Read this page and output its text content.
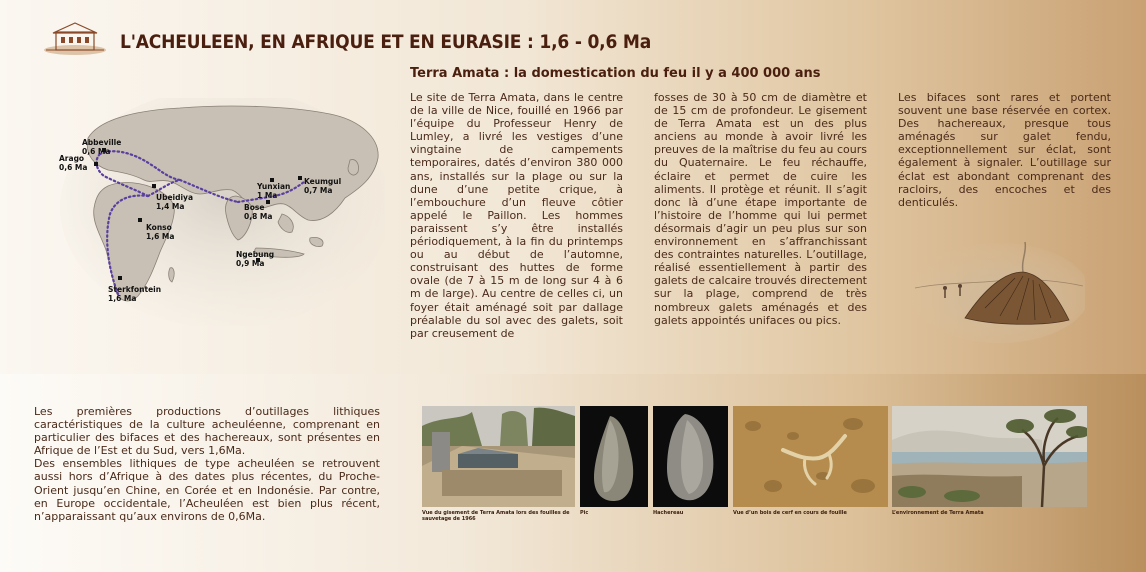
L'ACHEULEEN, EN AFRIQUE ET EN EURASIE : 1,6 - 0,6 Ma
Terra Amata : la domestication du feu il y a 400 000 ans
Le site de Terra Amata, dans le centre de la ville de Nice, fouillé en 1966 par l’équipe du Professeur Henry de Lumley, a livré les vestiges d’une vingtaine de campements temporaires, datés d’environ 380 000 ans, installés sur la plage ou sur la dune d’une petite crique, à l’embouchure d’un fleuve côtier appelé le Paillon. Les hommes paraissent s’y être installés périodiquement, à la fin du printemps ou au début de l’automne, construisant des huttes de forme ovale (de 7 à 15 m de long sur 4 à 6 m de large). Au centre de celles ci, un foyer était aménagé soit par dallage préalable du sol avec des galets, soit par creusement de
fosses de 30 à 50 cm de diamètre et de 15 cm de profondeur. Le gisement de Terra Amata est un des plus anciens au monde à avoir livré les preuves de la maîtrise du feu au cours du Quaternaire. Le feu réchauffe, éclaire et permet de cuire les aliments. Il protège et réunit. Il s’agit donc là d’une étape importante de l’histoire de l’homme qui lui permet désormais d’agir un peu plus sur son environnement en s’affranchissant des contraintes naturelles. L’outillage, réalisé essentiellement à partir des galets de calcaire trouvés directement sur la plage, comprend de très nombreux galets aménagés et des galets appointés unifaces ou pics.
Les bifaces sont rares et portent souvent une base réservée en cortex. Des hachereaux, presque tous aménagés sur galet fendu, exceptionnellement sur éclat, sont également à signaler. L’outillage sur éclat est abondant comprenant des racloirs, des encoches et des denticulés.
Abbeville
0,6 Ma
Arago
0,6 Ma
Ubeidiya
1,4 Ma
Konso
1,6 Ma
Sterkfontein
1,6 Ma
Yunxian
1 Ma
Bose
0,8 Ma
Keumgul
0,7 Ma
Ngebung
0,9 Ma
Les premières productions d’outillages lithiques caractéristiques de la culture acheuléenne, comprenant en particulier des bifaces et des hachereaux, sont présentes en Afrique de l’Est et du Sud, vers 1,6Ma.
Des ensembles lithiques de type acheuléen se retrouvent aussi hors d’Afrique à des dates plus récentes, du Proche-Orient jusqu’en Chine, en Corée et en Indonésie. Par contre, en Europe occidentale, l’Acheuléen est bien plus récent, n’apparaissant qu’aux environs de 0,6Ma.	Vue du gisement de Terra Amata lors des fouilles de sauvetage de 1966
Pic	Hachereau	Vue d’un bois de cerf en cours de fouille	L’environnement de Terra Amata
